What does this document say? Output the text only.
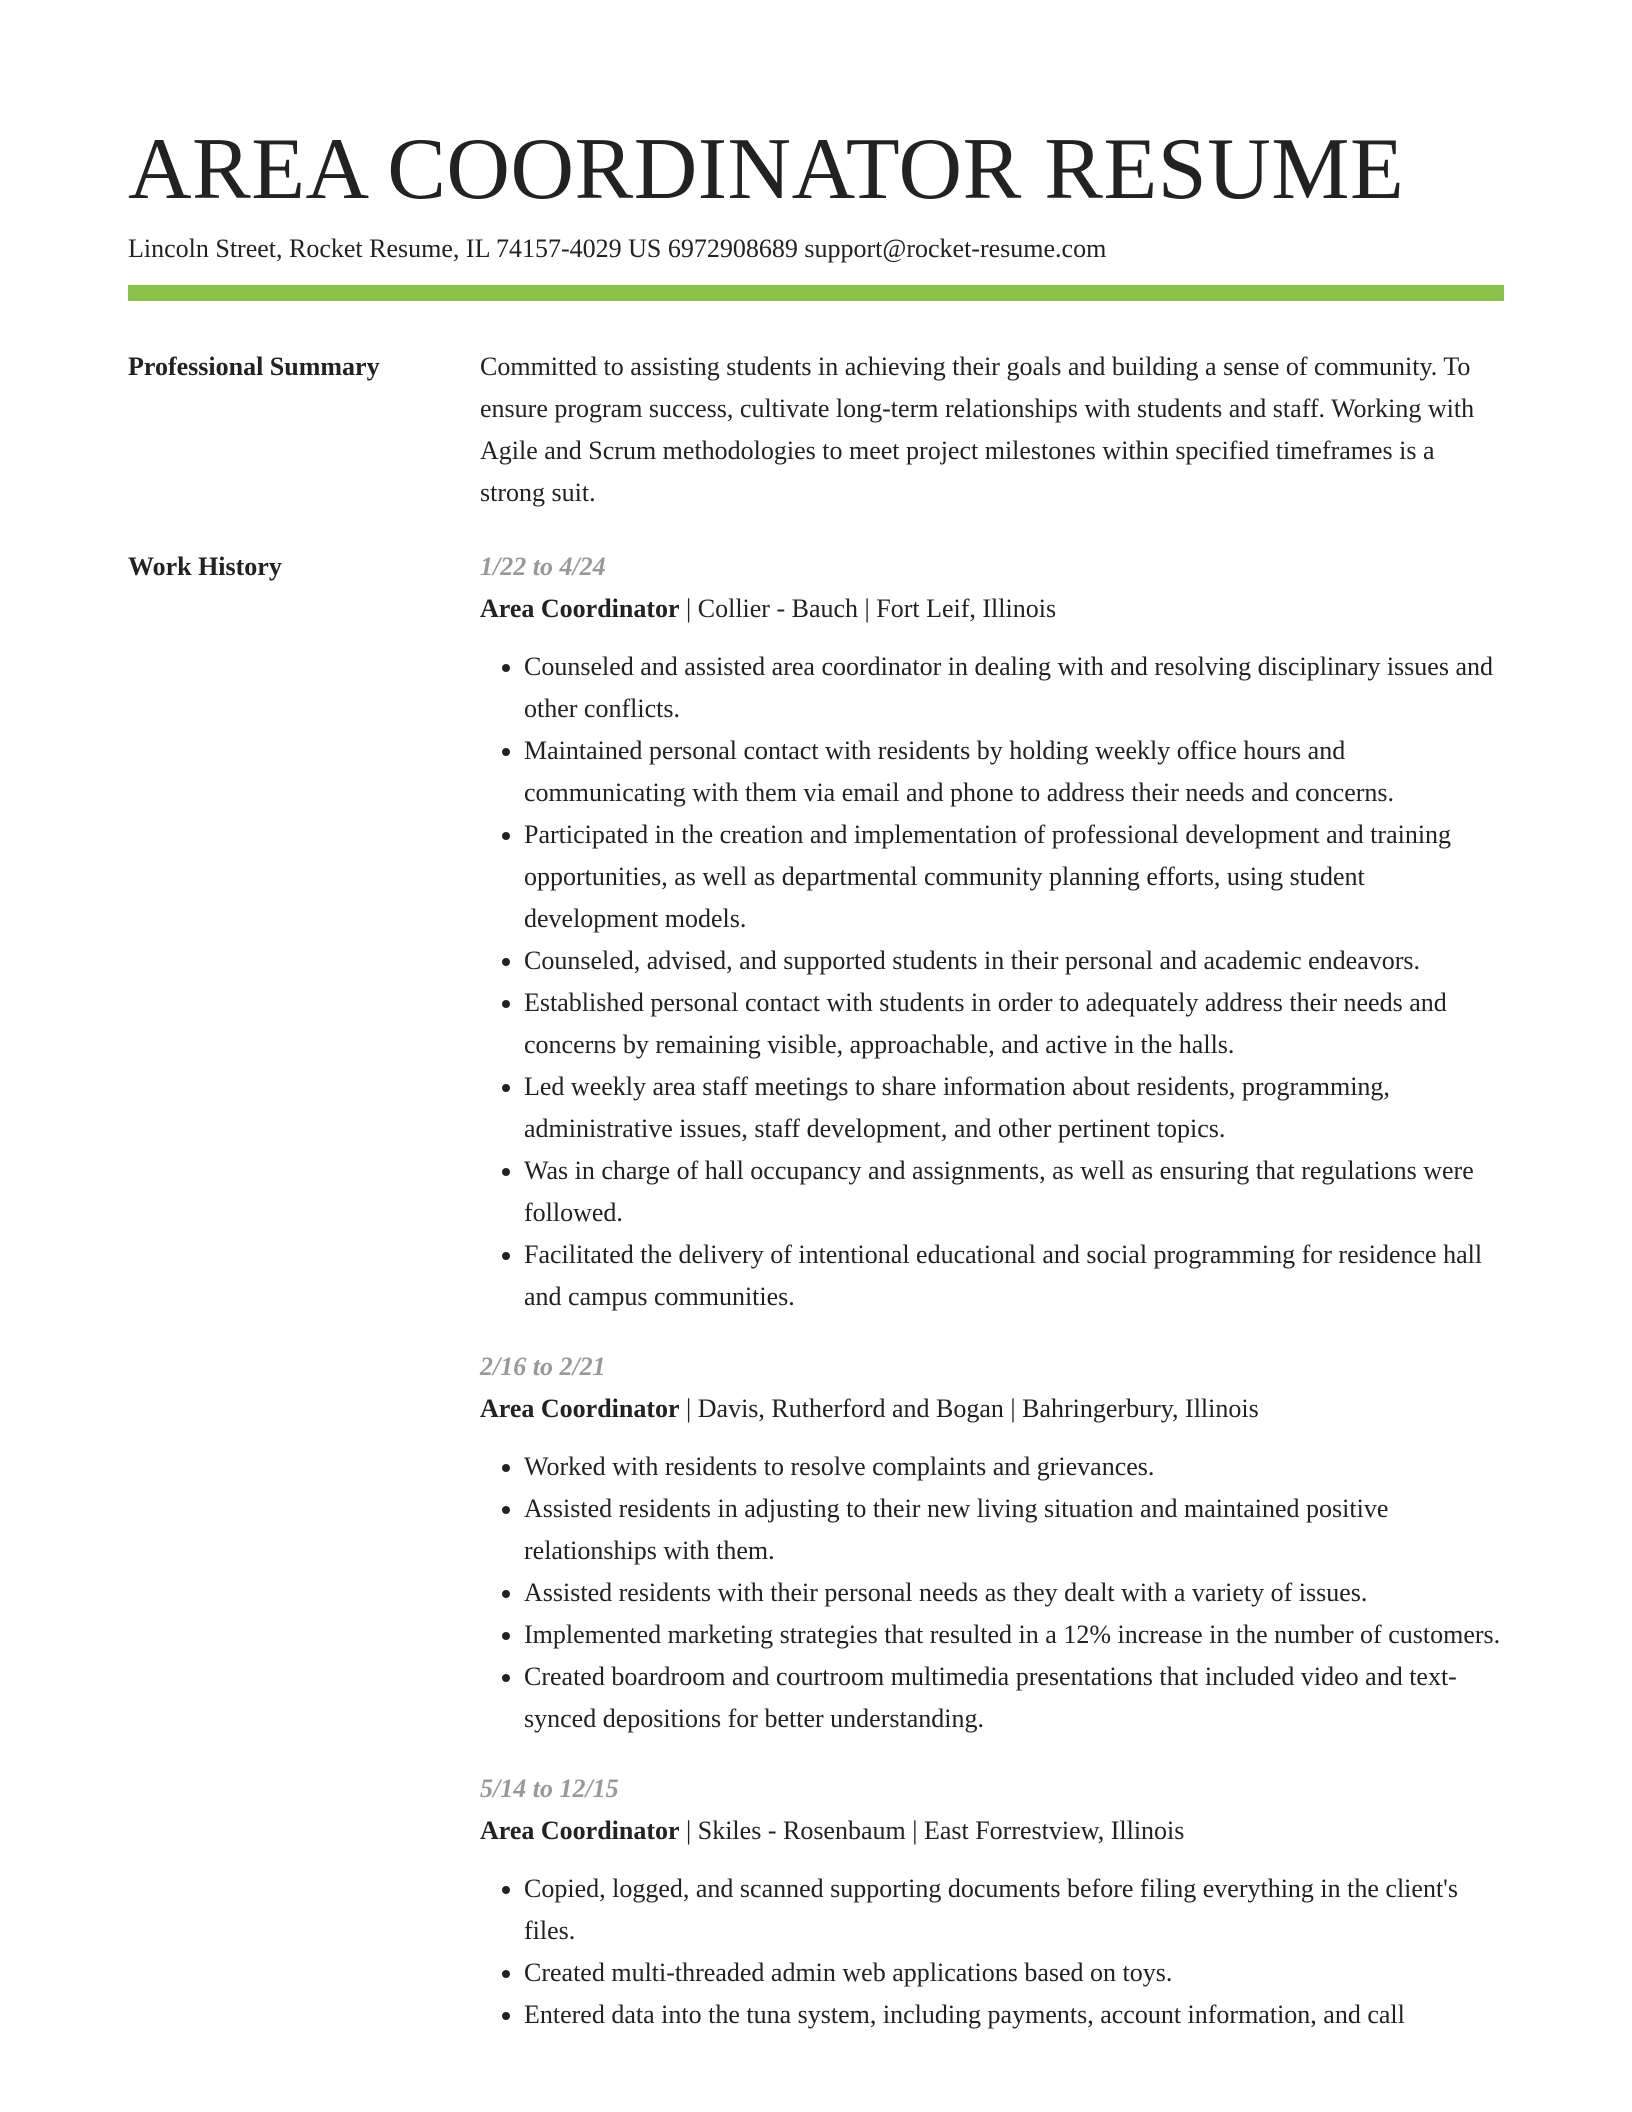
AREA COORDINATOR RESUME
Lincoln Street, Rocket Resume, IL 74157-4029 US 6972908689 support@rocket-resume.com
Professional Summary	Committed to assisting students in achieving their goals and building a sense of community. To ensure program success, cultivate long-term relationships with students and staff. Working with Agile and Scrum methodologies to meet project milestones within specified timeframes is a strong suit.

Work History	1/22 to 4/24
Area Coordinator | Collier - Bauch | Fort Leif, Illinois
• Counseled and assisted area coordinator in dealing with and resolving disciplinary issues and other conflicts.
• Maintained personal contact with residents by holding weekly office hours and communicating with them via email and phone to address their needs and concerns.
• Participated in the creation and implementation of professional development and training opportunities, as well as departmental community planning efforts, using student development models.
• Counseled, advised, and supported students in their personal and academic endeavors.
• Established personal contact with students in order to adequately address their needs and concerns by remaining visible, approachable, and active in the halls.
• Led weekly area staff meetings to share information about residents, programming, administrative issues, staff development, and other pertinent topics.
• Was in charge of hall occupancy and assignments, as well as ensuring that regulations were followed.
• Facilitated the delivery of intentional educational and social programming for residence hall and campus communities.
2/16 to 2/21
Area Coordinator | Davis, Rutherford and Bogan | Bahringerbury, Illinois
• Worked with residents to resolve complaints and grievances.
• Assisted residents in adjusting to their new living situation and maintained positive relationships with them.
• Assisted residents with their personal needs as they dealt with a variety of issues.
• Implemented marketing strategies that resulted in a 12% increase in the number of customers.
• Created boardroom and courtroom multimedia presentations that included video and text-synced depositions for better understanding.
5/14 to 12/15
Area Coordinator | Skiles - Rosenbaum | East Forrestview, Illinois
• Copied, logged, and scanned supporting documents before filing everything in the client's files.
• Created multi-threaded admin web applications based on toys.
• Entered data into the tuna system, including payments, account information, and call
